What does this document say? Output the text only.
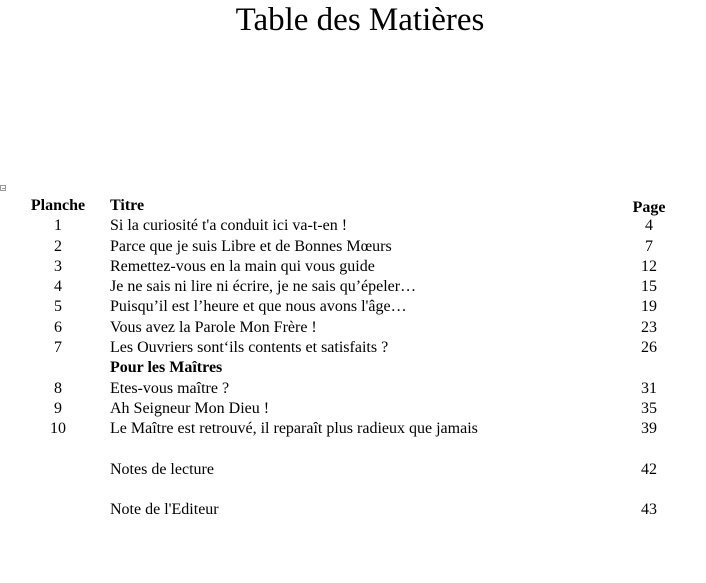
Table des Matières
Planche	Titre	Page
1	Si la curiosité t'a conduit ici va-t-en !	4
2	Parce que je suis Libre et de Bonnes Mœurs	7
3	Remettez-vous en la main qui vous guide	12
4	Je ne sais ni lire ni écrire, je ne sais qu’épeler…	15
5	Puisqu’il est l’heure et que nous avons l'âge…	19
6	Vous avez la Parole Mon Frère !	23
7	Les Ouvriers sont‘ils contents et satisfaits ?	26
Pour les Maîtres
8	Etes-vous maître ?	31
9	Ah Seigneur Mon Dieu !	35
10	Le Maître est retrouvé, il reparaît plus radieux que jamais	39
Notes de lecture	42
Note de l'Editeur	43
